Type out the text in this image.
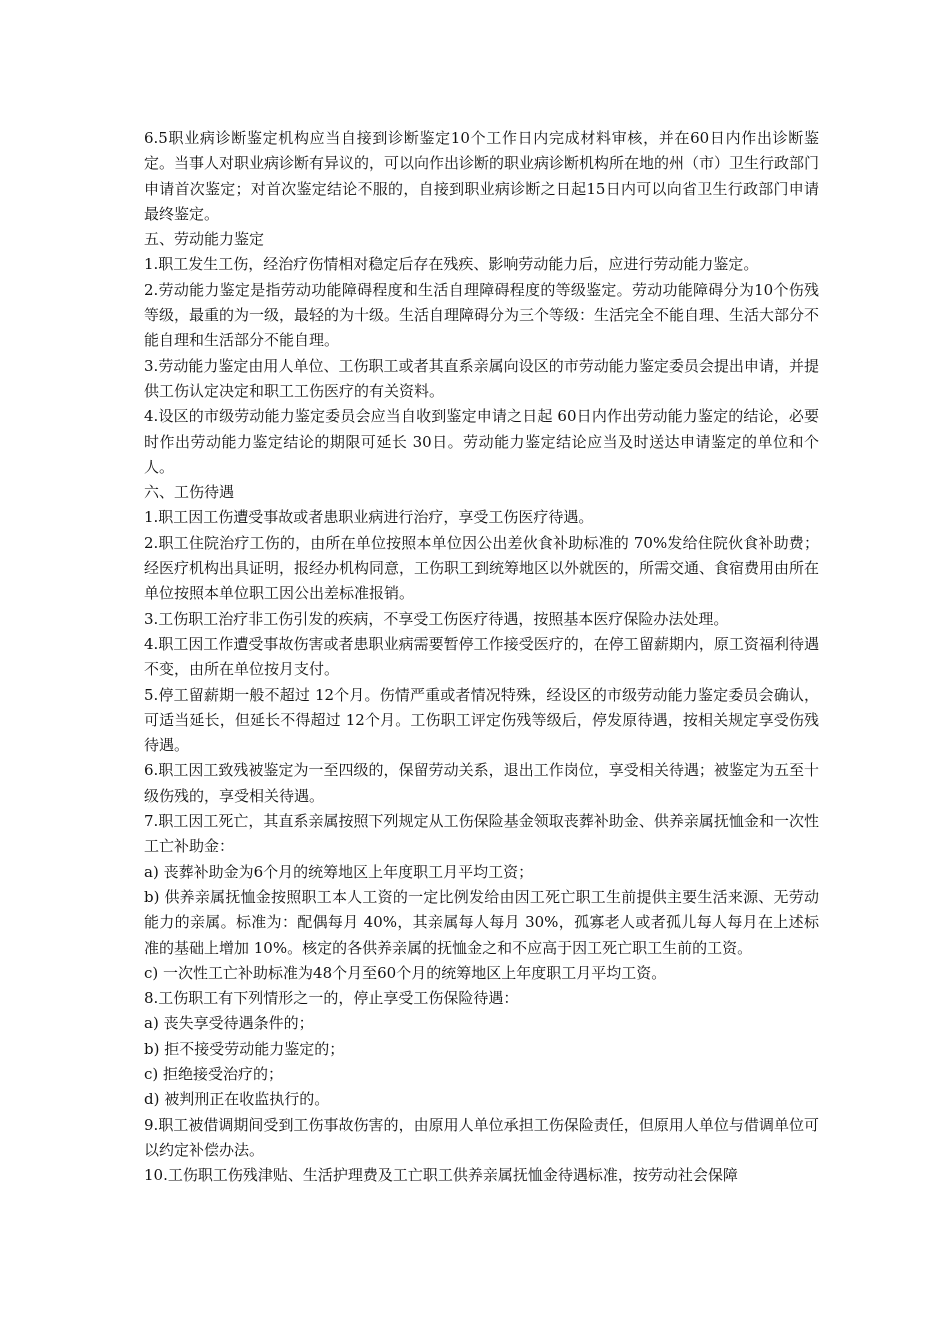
6.5职业病诊断鉴定机构应当自接到诊断鉴定10个工作日内完成材料审核，并在60日内作出诊断鉴定。当事人对职业病诊断有异议的，可以向作出诊断的职业病诊断机构所在地的州（市）卫生行政部门申请首次鉴定；对首次鉴定结论不服的，自接到职业病诊断之日起15日内可以向省卫生行政部门申请最终鉴定。

五、劳动能力鉴定

1.职工发生工伤，经治疗伤情相对稳定后存在残疾、影响劳动能力后，应进行劳动能力鉴定。

2.劳动能力鉴定是指劳动功能障碍程度和生活自理障碍程度的等级鉴定。劳动功能障碍分为10个伤残等级，最重的为一级，最轻的为十级。生活自理障碍分为三个等级：生活完全不能自理、生活大部分不能自理和生活部分不能自理。

3.劳动能力鉴定由用人单位、工伤职工或者其直系亲属向设区的市劳动能力鉴定委员会提出申请，并提供工伤认定决定和职工工伤医疗的有关资料。

4.设区的市级劳动能力鉴定委员会应当自收到鉴定申请之日起 60日内作出劳动能力鉴定的结论，必要时作出劳动能力鉴定结论的期限可延长 30日。劳动能力鉴定结论应当及时送达申请鉴定的单位和个人。

六、工伤待遇

1.职工因工伤遭受事故或者患职业病进行治疗，享受工伤医疗待遇。

2.职工住院治疗工伤的，由所在单位按照本单位因公出差伙食补助标准的 70%发给住院伙食补助费；经医疗机构出具证明，报经办机构同意，工伤职工到统筹地区以外就医的，所需交通、食宿费用由所在单位按照本单位职工因公出差标准报销。

3.工伤职工治疗非工伤引发的疾病，不享受工伤医疗待遇，按照基本医疗保险办法处理。

4.职工因工作遭受事故伤害或者患职业病需要暂停工作接受医疗的，在停工留薪期内，原工资福利待遇不变，由所在单位按月支付。

5.停工留薪期一般不超过 12个月。伤情严重或者情况特殊，经设区的市级劳动能力鉴定委员会确认，可适当延长，但延长不得超过 12个月。工伤职工评定伤残等级后，停发原待遇，按相关规定享受伤残待遇。

6.职工因工致残被鉴定为一至四级的，保留劳动关系，退出工作岗位，享受相关待遇；被鉴定为五至十级伤残的，享受相关待遇。

7.职工因工死亡，其直系亲属按照下列规定从工伤保险基金领取丧葬补助金、供养亲属抚恤金和一次性工亡补助金：

a) 丧葬补助金为6个月的统筹地区上年度职工月平均工资；

b) 供养亲属抚恤金按照职工本人工资的一定比例发给由因工死亡职工生前提供主要生活来源、无劳动能力的亲属。标准为：配偶每月 40%，其亲属每人每月 30%，孤寡老人或者孤儿每人每月在上述标准的基础上增加 10%。核定的各供养亲属的抚恤金之和不应高于因工死亡职工生前的工资。

c) 一次性工亡补助标准为48个月至60个月的统筹地区上年度职工月平均工资。

8.工伤职工有下列情形之一的，停止享受工伤保险待遇：

a) 丧失享受待遇条件的；

b) 拒不接受劳动能力鉴定的；

c) 拒绝接受治疗的；

d) 被判刑正在收监执行的。

9.职工被借调期间受到工伤事故伤害的，由原用人单位承担工伤保险责任，但原用人单位与借调单位可以约定补偿办法。

10.工伤职工伤残津贴、生活护理费及工亡职工供养亲属抚恤金待遇标准，按劳动社会保障
